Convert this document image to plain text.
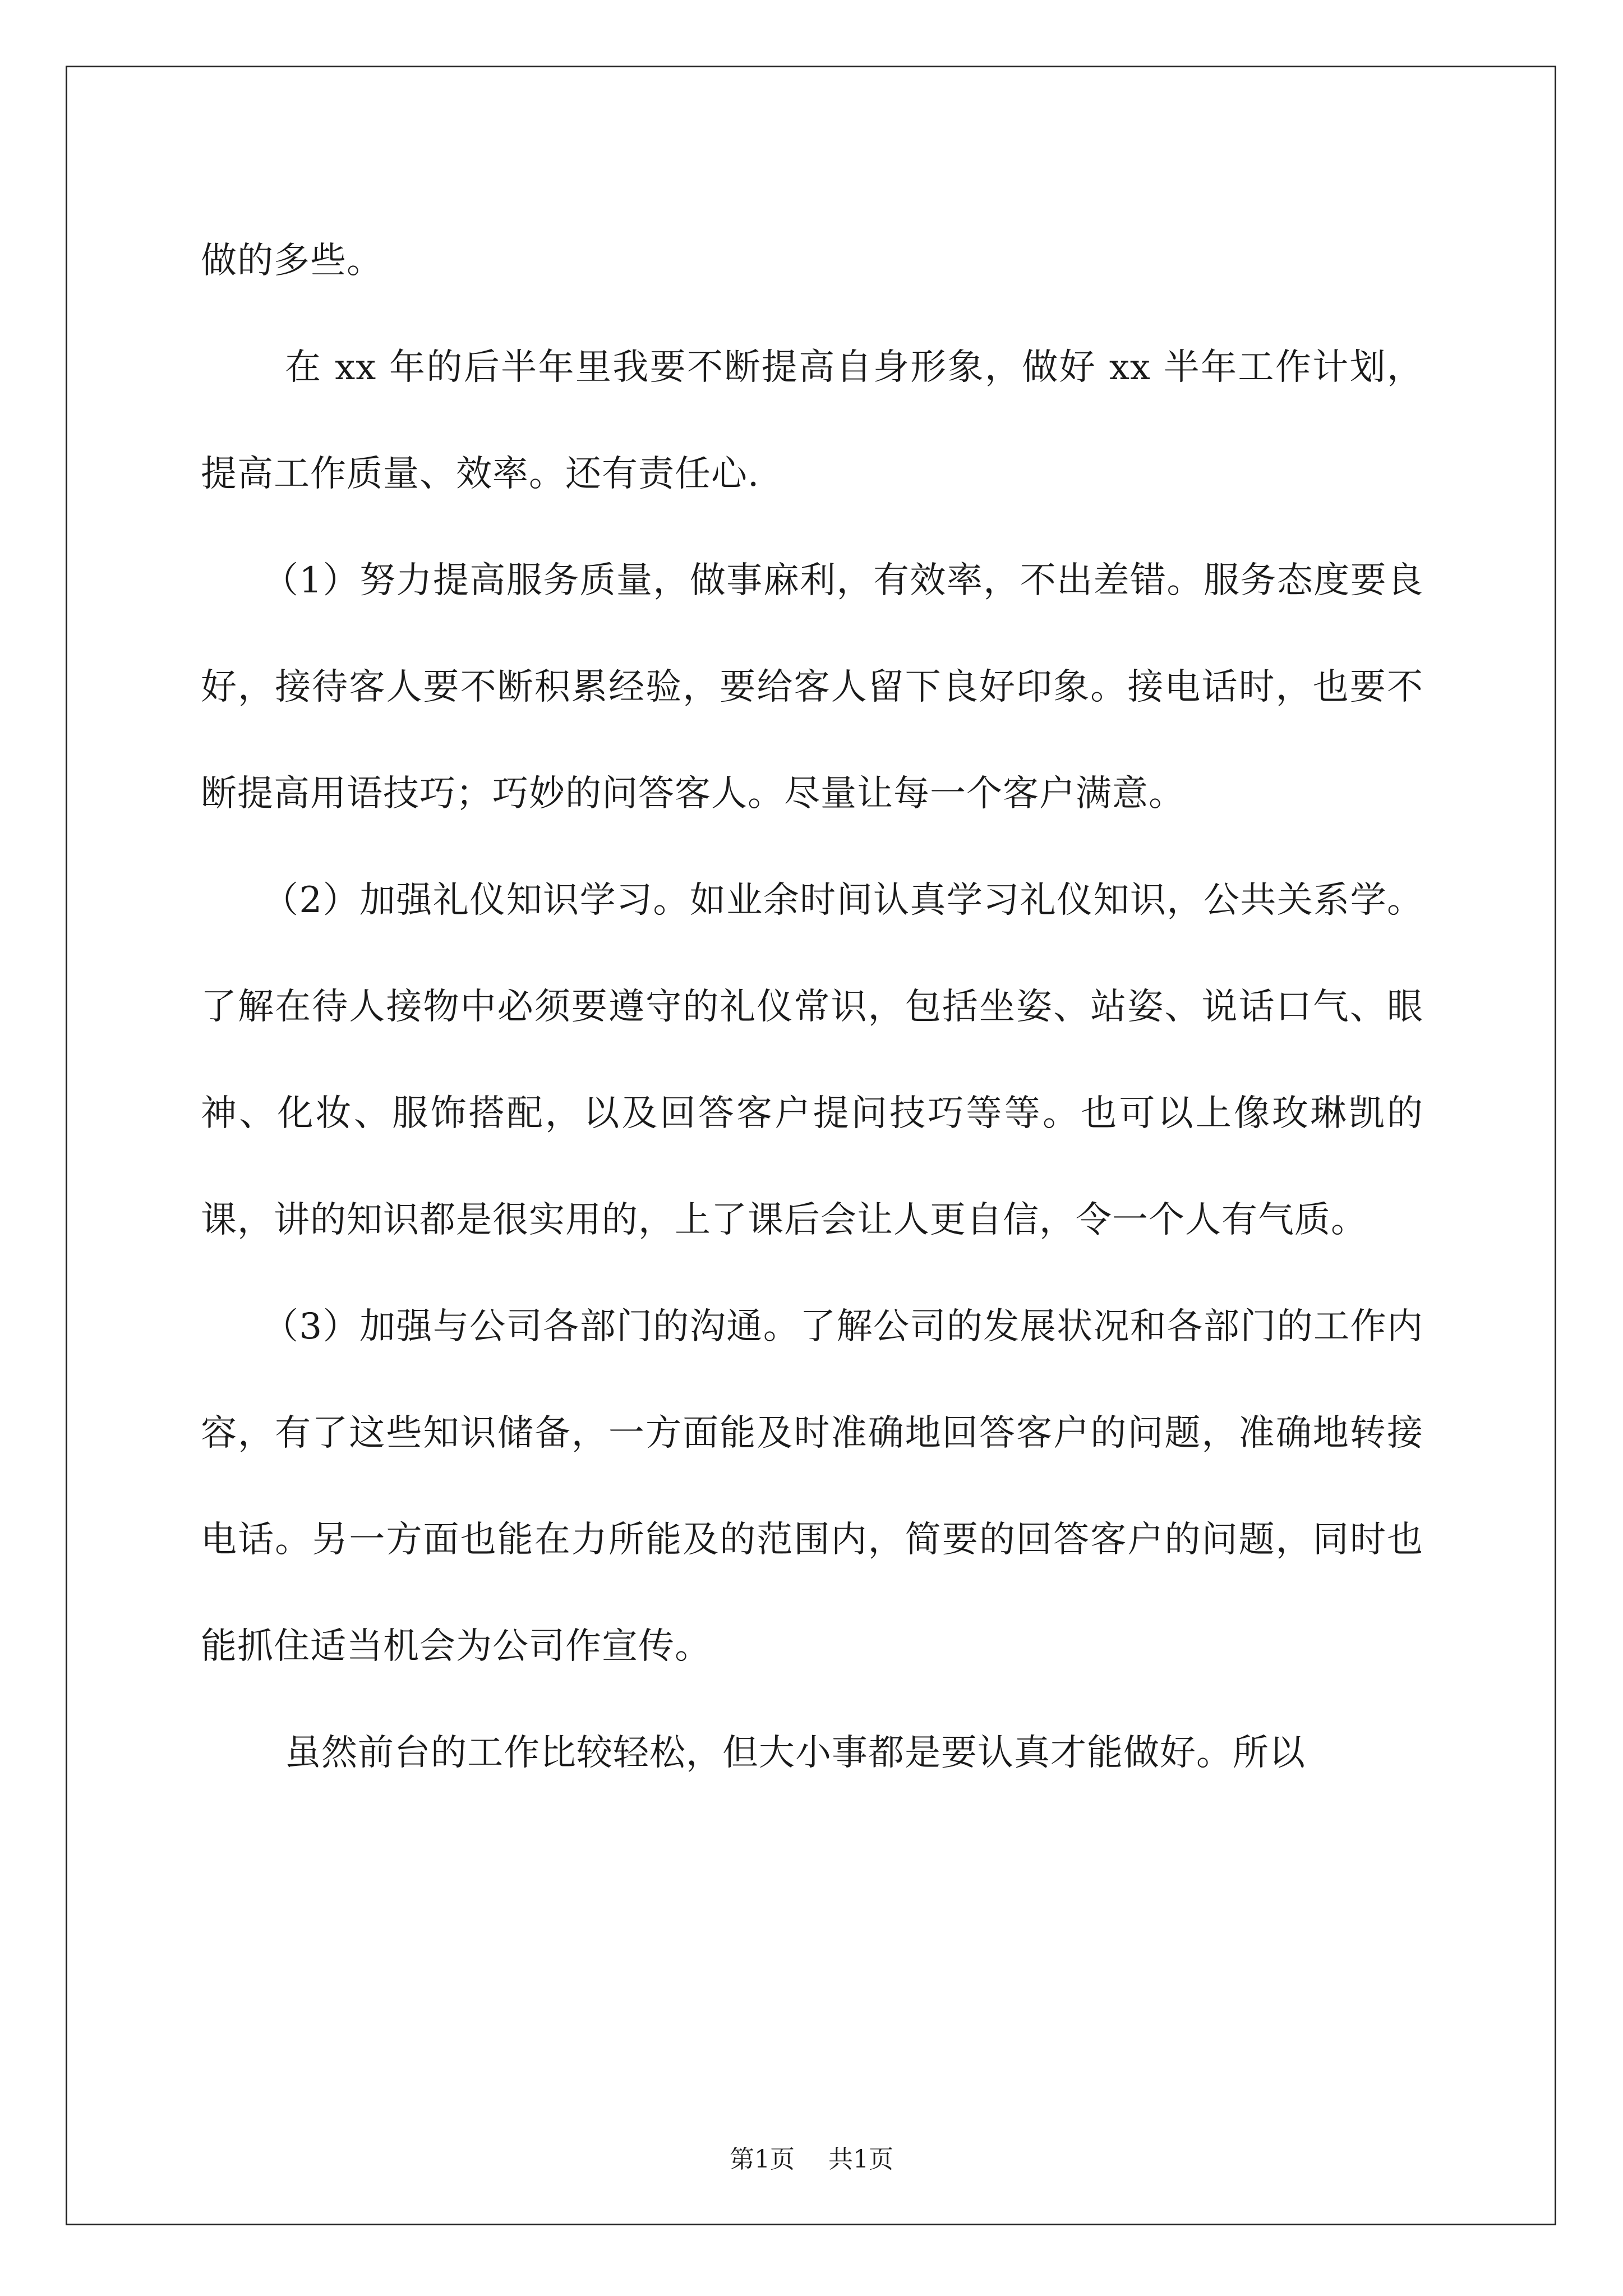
做的多些。

在 xx 年的后半年里我要不断提高自身形象，做好 xx 半年工作计划，提高工作质量、效率。还有责任心.

（1）努力提高服务质量，做事麻利，有效率，不出差错。服务态度要良好，接待客人要不断积累经验，要给客人留下良好印象。接电话时，也要不断提高用语技巧；巧妙的问答客人。尽量让每一个客户满意。

（2）加强礼仪知识学习。如业余时间认真学习礼仪知识，公共关系学。了解在待人接物中必须要遵守的礼仪常识，包括坐姿、站姿、说话口气、眼神、化妆、服饰搭配，以及回答客户提问技巧等等。也可以上像玫琳凯的课，讲的知识都是很实用的，上了课后会让人更自信，令一个人有气质。

（3）加强与公司各部门的沟通。了解公司的发展状况和各部门的工作内容，有了这些知识储备，一方面能及时准确地回答客户的问题，准确地转接电话。另一方面也能在力所能及的范围内，简要的回答客户的问题，同时也能抓住适当机会为公司作宣传。

虽然前台的工作比较轻松，但大小事都是要认真才能做好。所以

第1页 共1页
